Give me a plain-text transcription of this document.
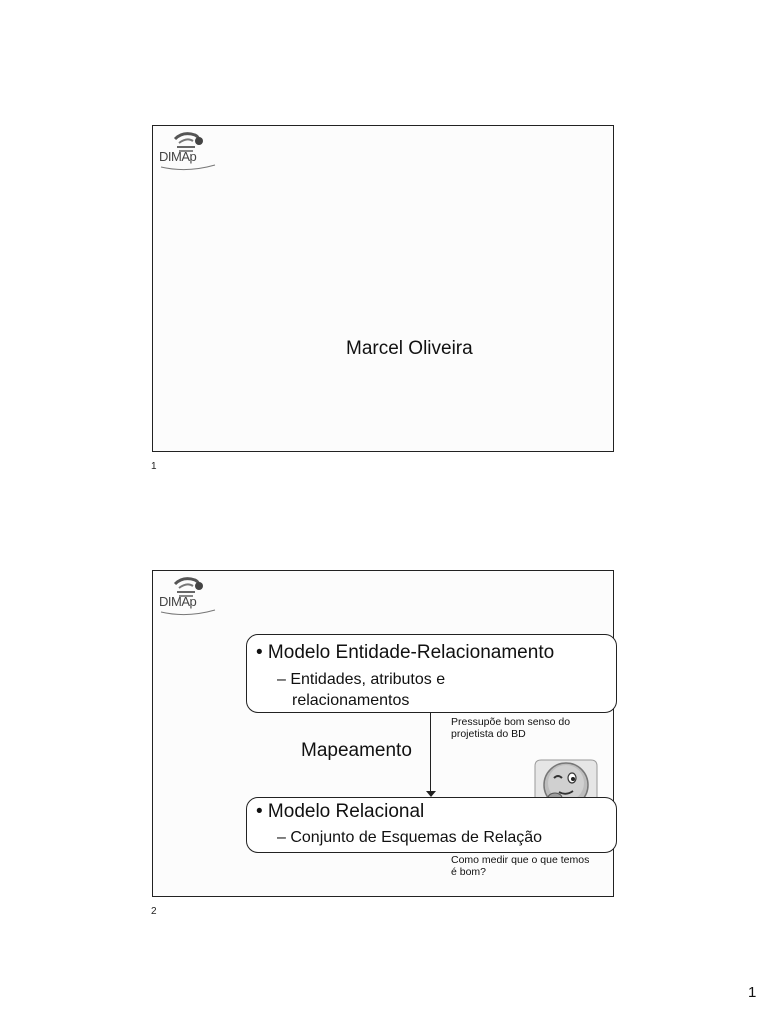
DIMAp
Marcel Oliveira
1
DIMAp
• Modelo Entidade-Relacionamento
– Entidades, atributos e
relacionamentos
Pressupõe bom senso do
projetista do BD
Mapeamento
• Modelo Relacional
– Conjunto de Esquemas de Relação
Como medir que o que temos
é bom?
2
1
